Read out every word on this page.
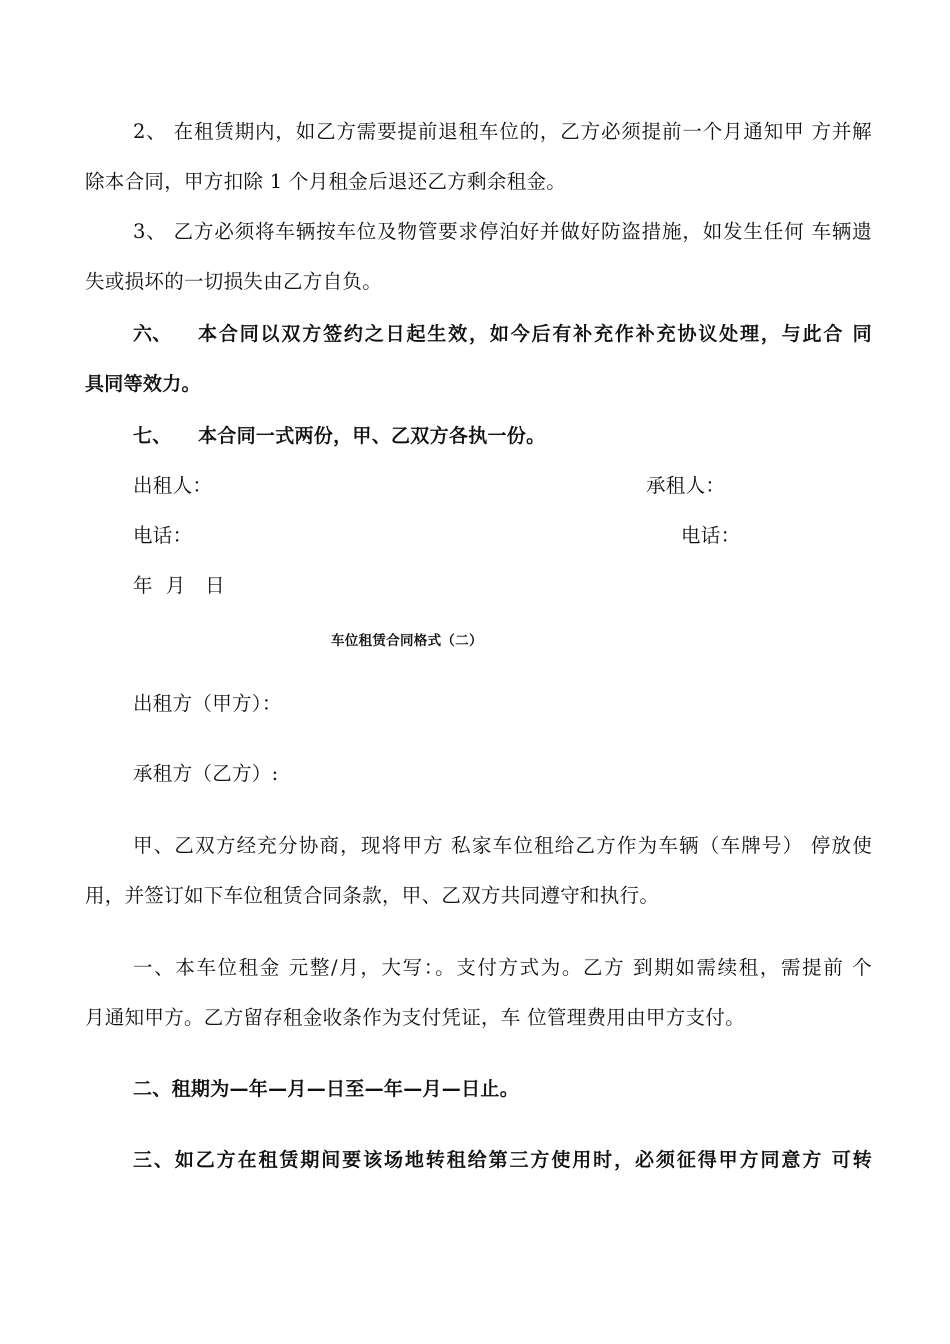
2、 在租赁期内，如乙方需要提前退租车位的，乙方必须提前一个月通知甲 方并解

除本合同，甲方扣除 1 个月租金后退还乙方剩余租金。

3、 乙方必须将车辆按车位及物管要求停泊好并做好防盗措施，如发生任何 车辆遗

失或损坏的一切损失由乙方自负。

六、 本合同以双方签约之日起生效，如今后有补充作补充协议处理，与此合 同

具同等效力。

七、 本合同一式两份，甲、乙双方各执一份。

出租人：	承租人：

电话：	电话：

年  月   日

车位租赁合同格式（二）

出租方（甲方）：

承租方（乙方）:

甲、乙双方经充分协商，现将甲方 私家车位租给乙方作为车辆（车牌号） 停放使

用，并签订如下车位租赁合同条款，甲、乙双方共同遵守和执行。

一、本车位租金 元整/月，大写：。支付方式为。乙方 到期如需续租，需提前 个

月通知甲方。乙方留存租金收条作为支付凭证，车 位管理费用由甲方支付。

二、租期为—年—月—日至—年—月—日止。

三、如乙方在租赁期间要该场地转租给第三方使用时，必须征得甲方同意方 可转
